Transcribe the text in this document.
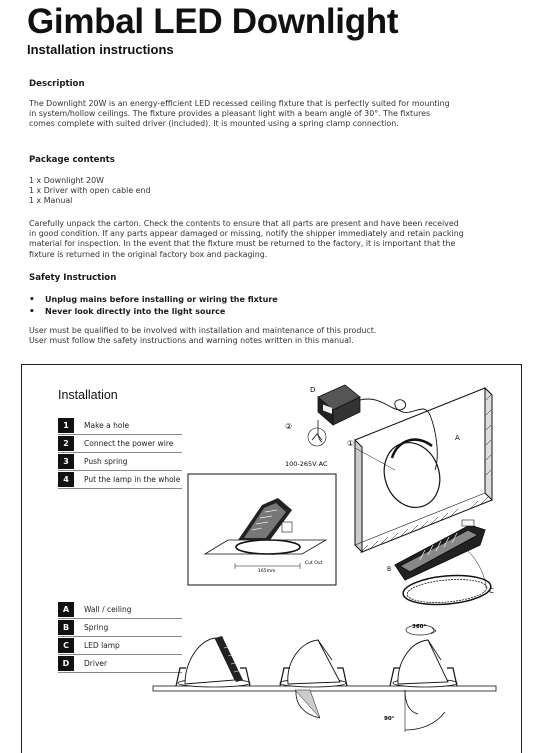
Gimbal LED Downlight
Installation instructions
Description
The Downlight 20W is an energy-efficient LED recessed ceiling fixture that is perfectly suited for mounting
in system/hollow ceilings. The fixture provides a pleasant light with a beam angle of 30°. The fixtures
comes complete with suited driver (included). It is mounted using a spring clamp connection.
Package contents
1 x Downlight 20W
1 x Driver with open cable end
1 x Manual
Carefully unpack the carton. Check the contents to ensure that all parts are present and have been received
in good condition. If any parts appear damaged or missing, notify the shipper immediately and retain packing
material for inspection. In the event that the fixture must be returned to the factory, it is important that the
fixture is returned in the original factory box and packaging.
Safety Instruction
• Unplug mains before installing or wiring the fixture
• Never look directly into the light source
User must be qualified to be involved with installation and maintenance of this product.
User must follow the safety instructions and warning notes written in this manual.
Installation
1	Make a hole
2	Connect the power wire
3	Push spring
4	Put the lamp in the whole
A	Wall / ceiling
B	Spring
C	LED lamp
D	Driver
A
①
D
②
100-265V AC
B
C
165mm
Cut Out
360°
90°
